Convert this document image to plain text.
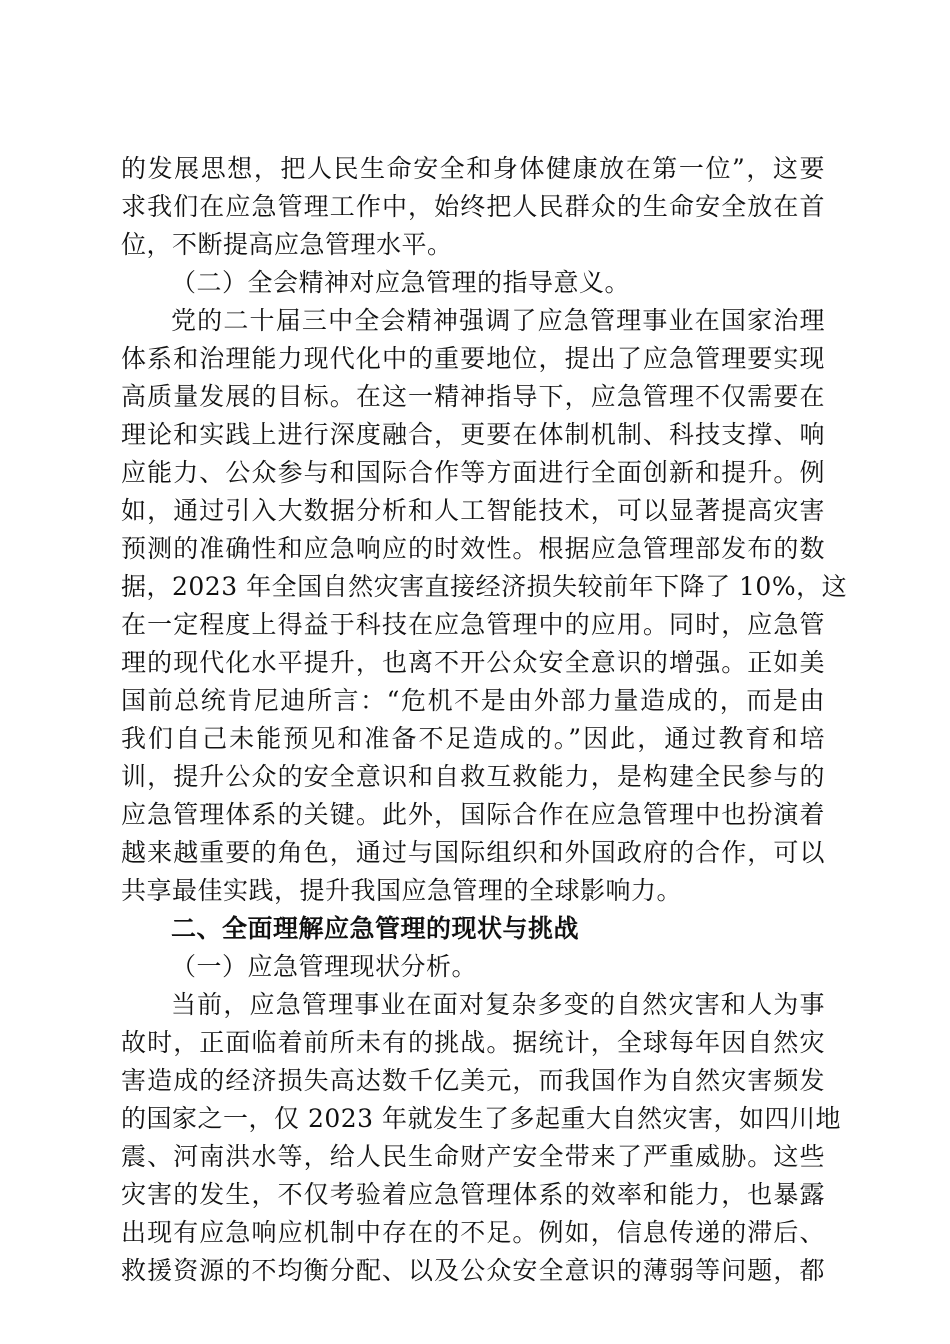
的发展思想，把人民生命安全和身体健康放在第一位”，这要
求我们在应急管理工作中，始终把人民群众的生命安全放在首
位，不断提高应急管理水平。
（二）全会精神对应急管理的指导意义。
党的二十届三中全会精神强调了应急管理事业在国家治理
体系和治理能力现代化中的重要地位，提出了应急管理要实现
高质量发展的目标。在这一精神指导下，应急管理不仅需要在
理论和实践上进行深度融合，更要在体制机制、科技支撑、响
应能力、公众参与和国际合作等方面进行全面创新和提升。例
如，通过引入大数据分析和人工智能技术，可以显著提高灾害
预测的准确性和应急响应的时效性。根据应急管理部发布的数
据，2023 年全国自然灾害直接经济损失较前年下降了 10%，这
在一定程度上得益于科技在应急管理中的应用。同时，应急管
理的现代化水平提升，也离不开公众安全意识的增强。正如美
国前总统肯尼迪所言：“危机不是由外部力量造成的，而是由
我们自己未能预见和准备不足造成的。”因此，通过教育和培
训，提升公众的安全意识和自救互救能力，是构建全民参与的
应急管理体系的关键。此外，国际合作在应急管理中也扮演着
越来越重要的角色，通过与国际组织和外国政府的合作，可以
共享最佳实践，提升我国应急管理的全球影响力。
二、全面理解应急管理的现状与挑战
（一）应急管理现状分析。
当前，应急管理事业在面对复杂多变的自然灾害和人为事
故时，正面临着前所未有的挑战。据统计，全球每年因自然灾
害造成的经济损失高达数千亿美元，而我国作为自然灾害频发
的国家之一，仅 2023 年就发生了多起重大自然灾害，如四川地
震、河南洪水等，给人民生命财产安全带来了严重威胁。这些
灾害的发生，不仅考验着应急管理体系的效率和能力，也暴露
出现有应急响应机制中存在的不足。例如，信息传递的滞后、
救援资源的不均衡分配、以及公众安全意识的薄弱等问题，都
